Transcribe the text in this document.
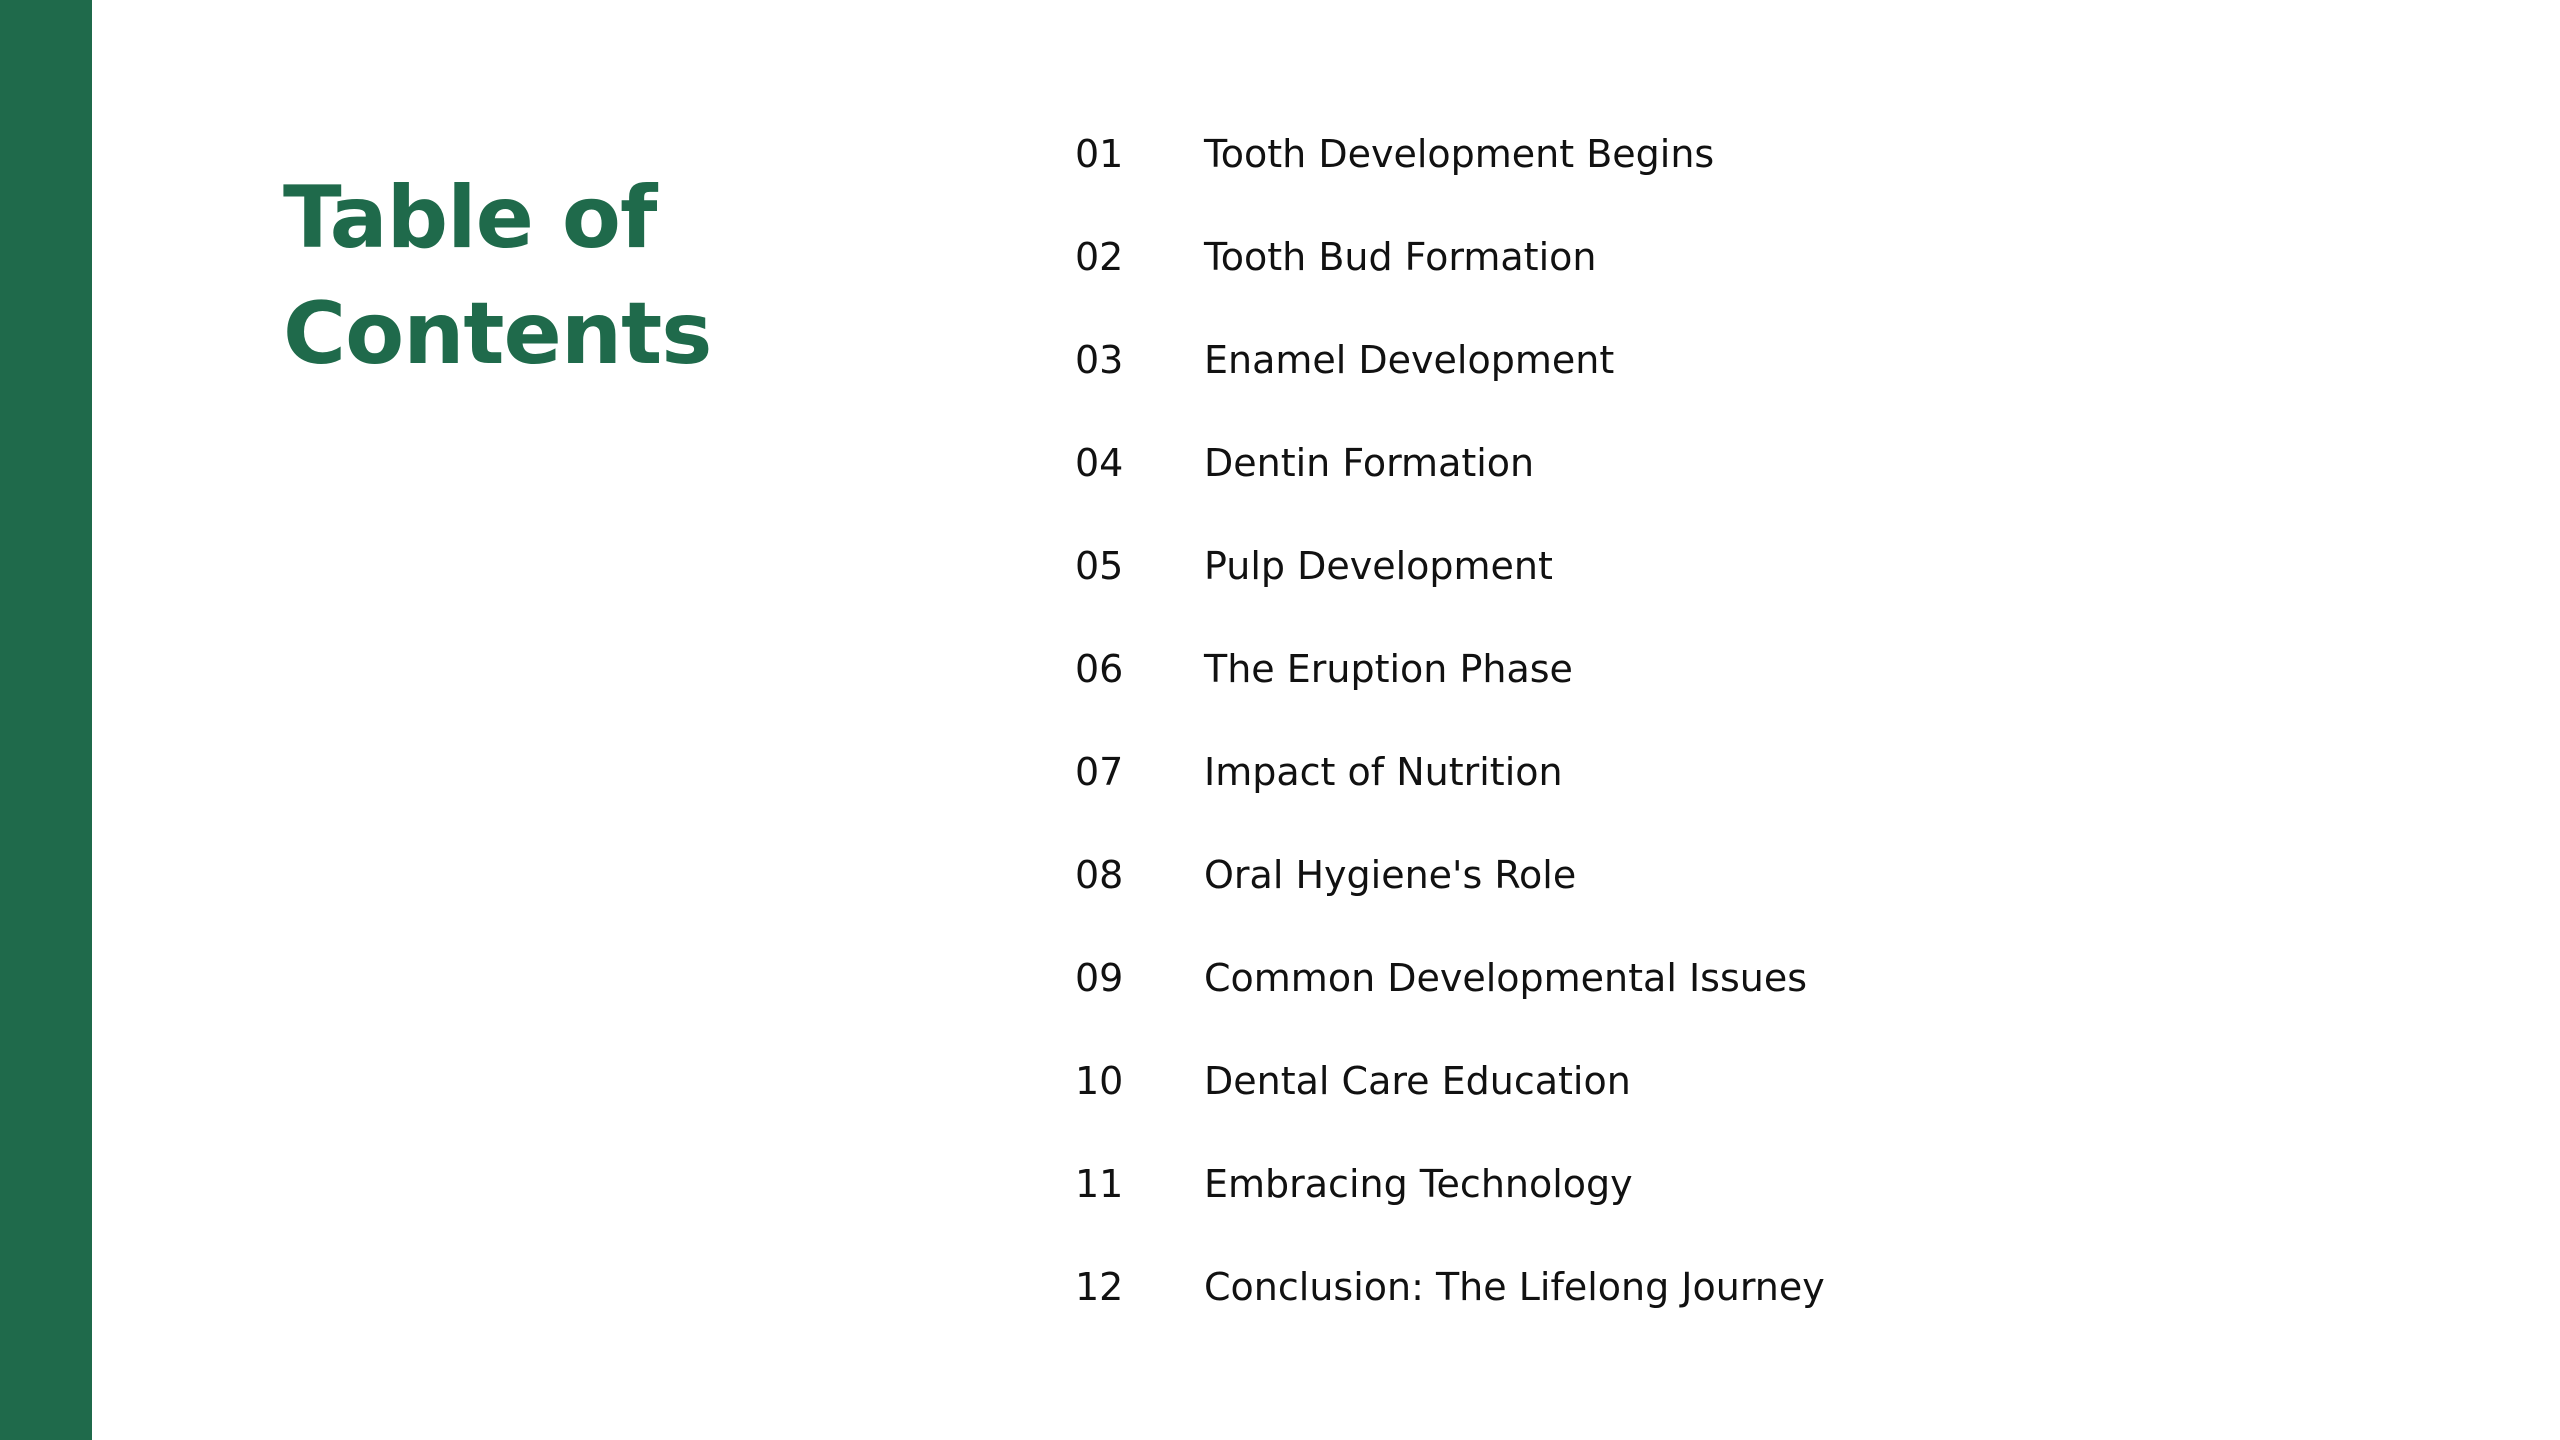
Table of
Contents
01	Tooth Development Begins
02	Tooth Bud Formation
03	Enamel Development
04	Dentin Formation
05	Pulp Development
06	The Eruption Phase
07	Impact of Nutrition
08	Oral Hygiene's Role
09	Common Developmental Issues
10	Dental Care Education
11	Embracing Technology
12	Conclusion: The Lifelong Journey
